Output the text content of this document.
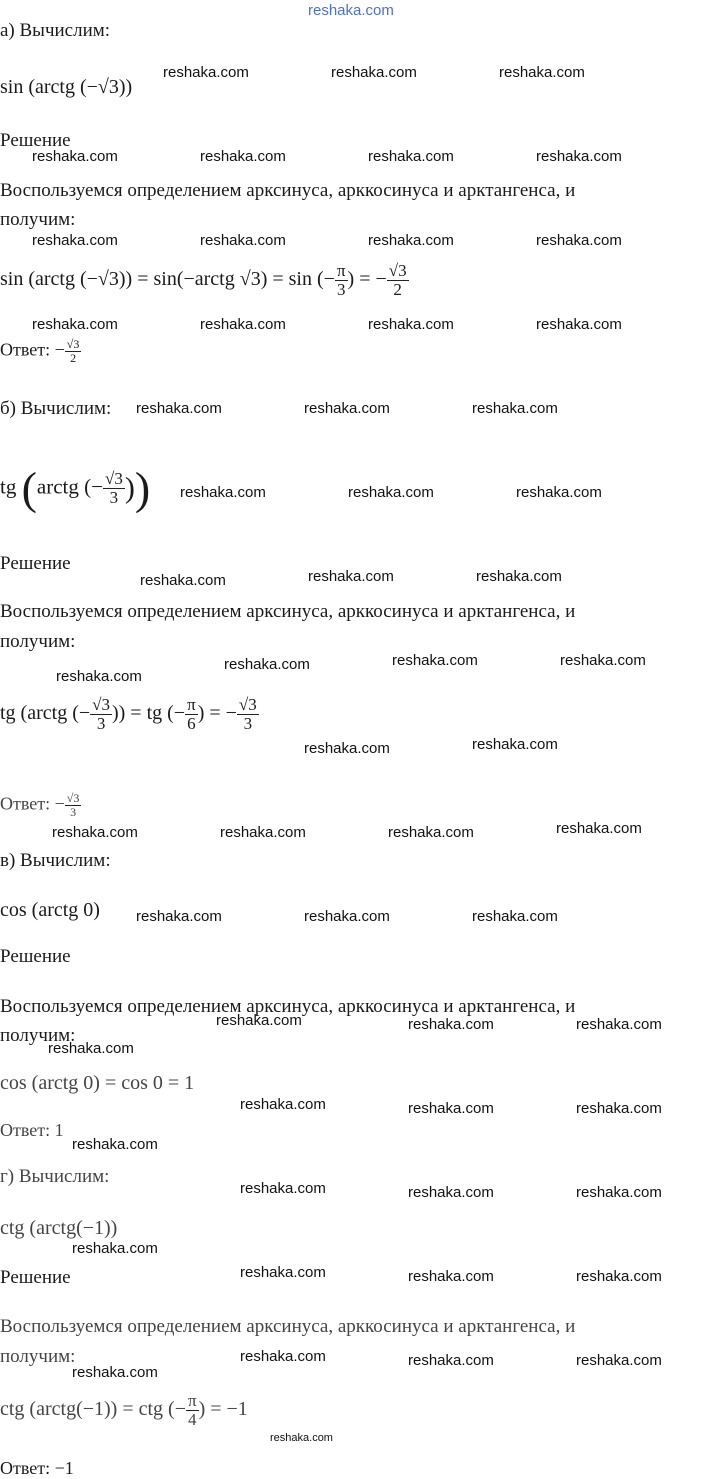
reshaka.com
а) Вычислим:
sin (arctg (−√3))
Решение
Воспользуемся определением арксинуса, арккосинуса и арктангенса, и
получим:
sin (arctg (−√3)) = sin(−arctg √3) = sin (− $\frac{\pi}{3}$ ) = − $\frac{√3}{2}$
Ответ: − $\frac{√3}{2}$
б) Вычислим:
tg (arctg (− $\frac{√3}{3}$ ))
Решение
Воспользуемся определением арксинуса, арккосинуса и арктангенса, и
получим:
tg (arctg (− $\frac{√3}{3}$ )) = tg (− $\frac{\pi}{6}$ ) = − $\frac{√3}{3}$
Ответ: − $\frac{√3}{3}$
в) Вычислим:
cos (arctg 0)
Решение
Воспользуемся определением арксинуса, арккосинуса и арктангенса, и
получим:
cos (arctg 0) = cos 0 = 1
Ответ: 1
г) Вычислим:
ctg (arctg(−1))
Решение
Воспользуемся определением арксинуса, арккосинуса и арктангенса, и
получим:
ctg (arctg(−1)) = ctg (− $\frac{\pi}{4}$ ) = −1
Ответ: −1
reshaka.com	reshaka.com	reshaka.com
reshaka.com	reshaka.com	reshaka.com	reshaka.com
reshaka.com	reshaka.com	reshaka.com	reshaka.com
reshaka.com	reshaka.com	reshaka.com	reshaka.com
reshaka.com	reshaka.com	reshaka.com
reshaka.com	reshaka.com	reshaka.com
reshaka.com	reshaka.com	reshaka.com
reshaka.com
reshaka.com	reshaka.com	reshaka.com
reshaka.com	reshaka.com
reshaka.com	reshaka.com	reshaka.com	reshaka.com
reshaka.com	reshaka.com	reshaka.com
reshaka.com	reshaka.com	reshaka.com
reshaka.com
reshaka.com	reshaka.com	reshaka.com
reshaka.com
reshaka.com	reshaka.com	reshaka.com
reshaka.com
reshaka.com	reshaka.com	reshaka.com
reshaka.com	reshaka.com	reshaka.com
reshaka.com
reshaka.com
